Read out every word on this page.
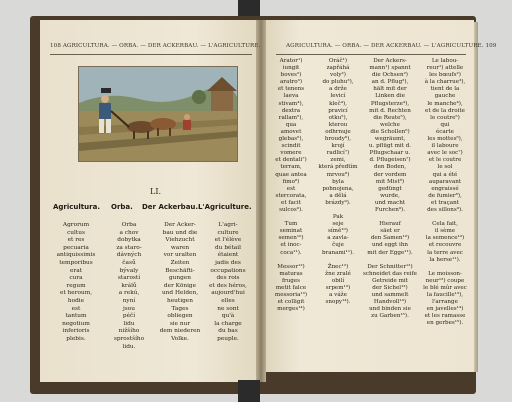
108 AGRICULTURA. — ORBA. — DER ACKERBAU. — L'AGRICULTURE.
LI.
Agricultura. Orba. Der Ackerbau. L'Agriculture.
Agrorum
cultus
et res
pecuaria
antiquissimis
temporibus
erat
cura
regum
et heroum,
hodie
est
tantum
negotium
inferioris
plebis.
Orba
a chov
dobytka
za staro-
dávných
časů
bývaly
starostí
králů
a rekú,
nyní
jsou
péčí
lidu
nižšího
sprostšího
lidu.
Der Acker-
bau und die
Viehzucht
waren
vor uralten
Zeiten
Beschäfti-
gungen
der Könige
und Helden,
heutigen
Tages
obliegen
sie nur
dem niederen
Volke.
L'agri-
culture
et l'élève
du bétail
étaient
jadis des
occupations
des rois
et des héros,
aujourd'hui
elles
ne sont
qu'à
la charge
du bas
peuple.
AGRICULTURA. — ORBA. — DER ACKERBAU. — L'AGRICULTURE. 109
Arator¹)
iungit
boves²)
aratro³)
et tenens
laeva
stivam⁴),
dextra
rallam⁵),
qua
amovet
glebas⁶),
scindit
vomere
et dentali⁷)
terram,
quae antea
fimo⁸)
est
stercorata,
et facit
sulcos⁹).

Tum
seminat
semen¹⁰)
et inoc-
coca¹¹).

Messor¹²)
maturas
fruges
metit falce
messoria¹³)
et colligit
merges¹⁴)
Oráč¹)
zapřáhá
voly²)
do pluhu³),
a drže
levicí
kleč⁴),
pravicí
otku⁵),
kterou
odhrnuje
hroudy⁶),
krojí
radlicí⁷)
zemi,
která předtím
mrvou⁸)
byla
pohnojena,
a dělá
brázdy⁹).

Pak
seje
símě¹⁰)
a zavla-
čuje
branami¹¹).

Žnec¹²)
žne zralé
obilí
srpem¹³)
a váže
snopy¹⁴).
Der Ackers-
mann¹) spannt
die Ochsen²)
an d. Pflug³),
hält mit der
Linken die
Pflugsterze⁴),
mit d. Rechten
die Reute⁵),
welche
die Schollen⁶)
wegräumt,
u. pflügt mit d.
Pflugschaar u.
d. Pflugeisen⁷)
den Boden,
der vordem
mit Mist⁸)
gedüngt
wurde,
und macht
Furchen⁹).

Hierauf
säet er
den Samen¹⁰)
und eggt ihn
mit der Egge¹¹).

Der Schnitter¹²)
schneidet das reife
Getreide mit
der Sichel¹³)
und sammelt
Handvoll¹⁴)
und binden sie
zu Garben¹⁵).
Le labou-
reur¹) attelle
les bœufs²)
à la charrue³),
tient de la
gauche
le manche⁴),
et de la droite
le coutre⁵)
qui
écarte
les mottes⁶),
il laboure
avec le soc⁷)
et le coutre
le sol
qui a été
auparavant
engraissé
de fumier⁸),
et traçant
des sillons⁹).

Cela fait,
il sème
la semence¹⁰)
et recouvre
la terre avec
la herse¹¹).

Le moisson-
neur¹²) coupe
le blé mûr avec
la faucille¹³),
l'arrange
en javelles¹⁴)
et les ramasse
en gerbes¹⁵).
